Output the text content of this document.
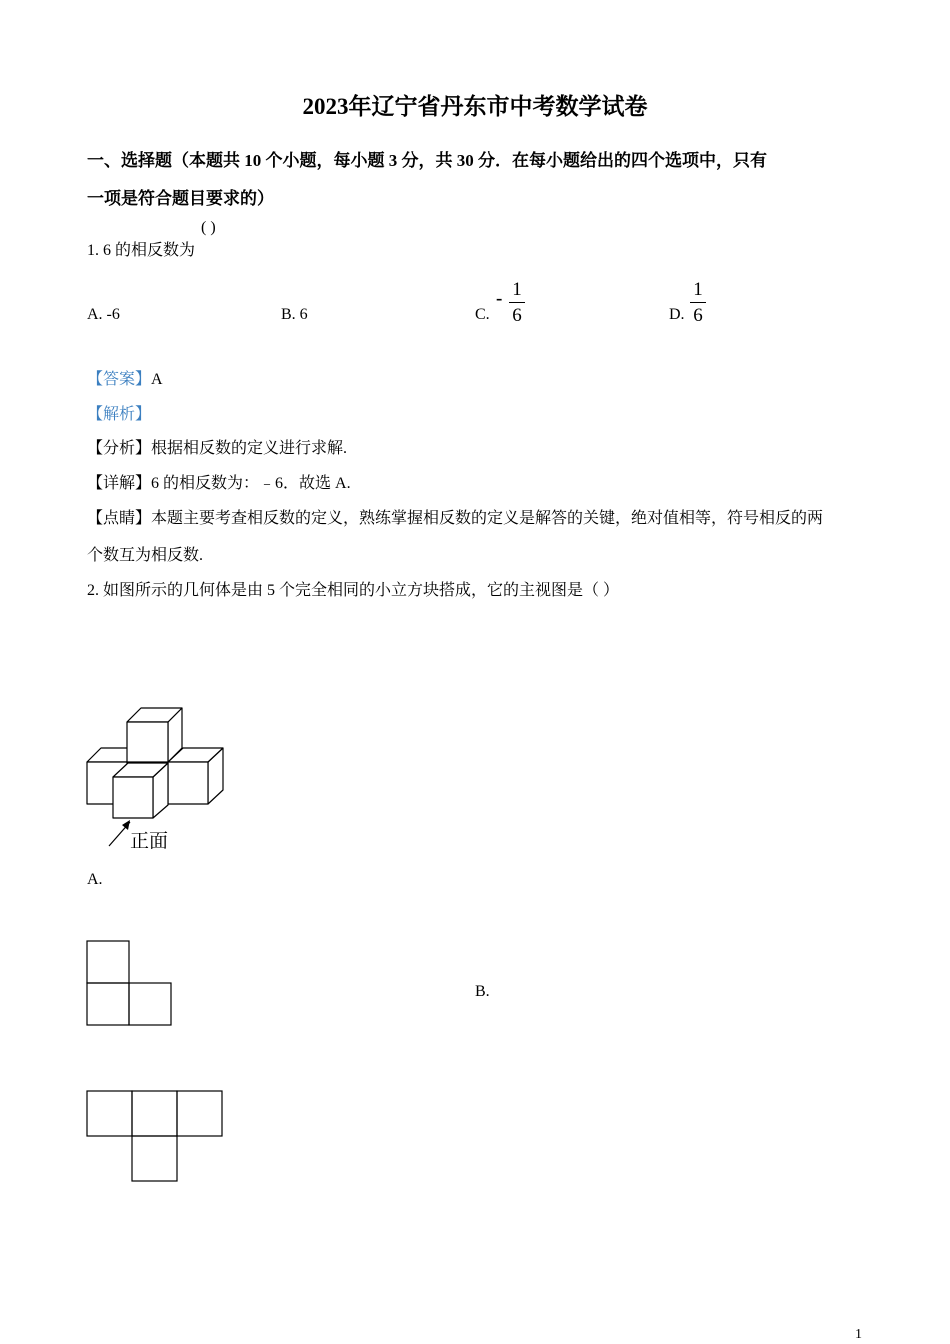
2023年辽宁省丹东市中考数学试卷
一、选择题（本题共 10 个小题，每小题 3 分，共 30 分．在每小题给出的四个选项中，只有
一项是符合题目要求的）
( )
1. 6 的相反数为
A. -6	B. 6	C.
- 1
6	D.
1
6
【答案】A
【解析】
【分析】根据相反数的定义进行求解.
【详解】6 的相反数为：﹣6．故选 A.
【点睛】本题主要考查相反数的定义，熟练掌握相反数的定义是解答的关键，绝对值相等，符号相反的两
个数互为相反数.
2. 如图所示的几何体是由 5 个完全相同的小立方块搭成，它的主视图是（ ）
正面
A.
B.
1
